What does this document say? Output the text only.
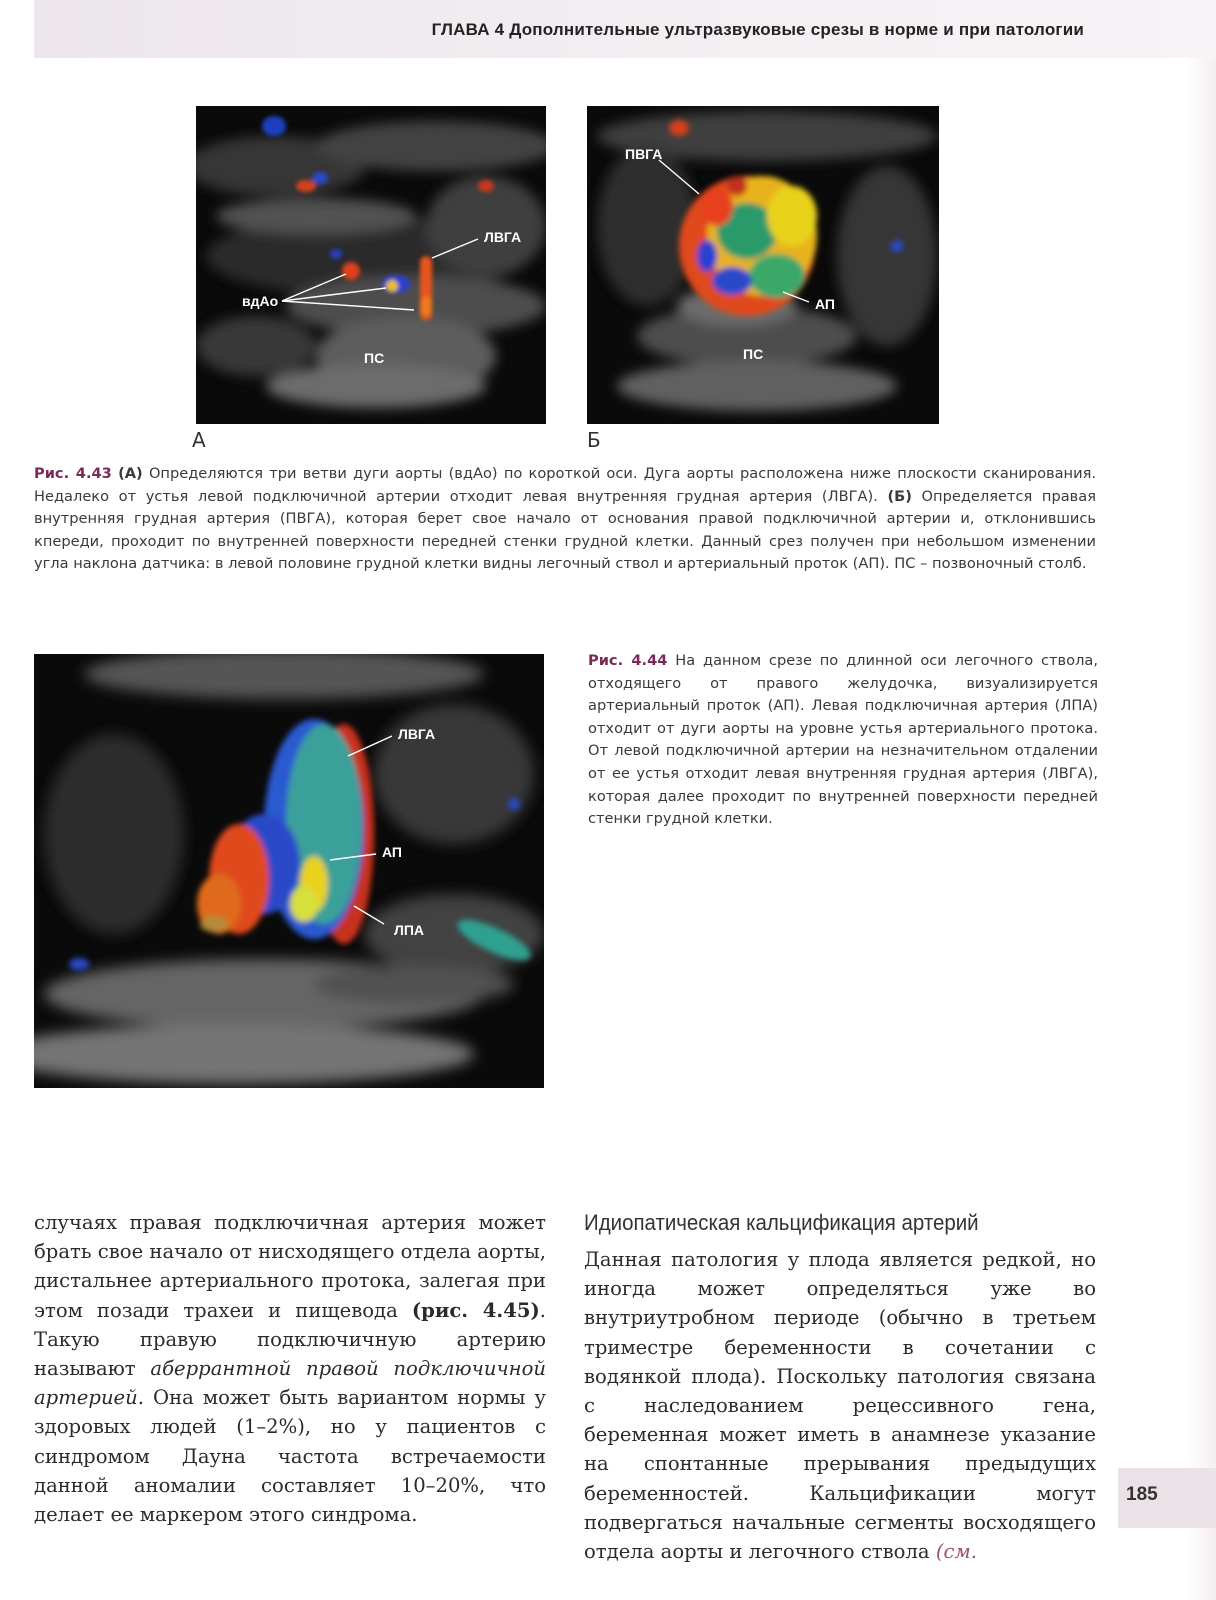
ГЛАВА 4 Дополнительные ультразвуковые срезы в норме и при патологии
ЛВГА
вдАо
ПС
А
ПВГА
АП
ПС
Б
Рис. 4.43 (А) Определяются три ветви дуги аорты (вдАо) по короткой оси. Дуга аорты расположена ниже плоскости сканирования. Недалеко от устья левой подключичной артерии отходит левая внутренняя грудная артерия (ЛВГА). (Б) Определяется правая внутренняя грудная артерия (ПВГА), которая берет свое начало от основания правой подключичной артерии и, отклонившись кпереди, проходит по внутренней поверхности передней стенки грудной клетки. Данный срез получен при небольшом изменении угла наклона датчика: в левой половине грудной клетки видны легочный ствол и артериальный проток (АП). ПС – позвоночный столб.
ЛВГА
АП
ЛПА
Рис. 4.44 На данном срезе по длинной оси легочного ствола, отходящего от правого желудочка, визуализируется артериальный проток (АП). Левая подключичная артерия (ЛПА) отходит от дуги аорты на уровне устья артериального протока. От левой подключичной артерии на незначительном отдалении от ее устья отходит левая внутренняя грудная артерия (ЛВГА), которая далее проходит по внутренней поверхности передней стенки грудной клетки.
случаях правая подключичная артерия может брать свое начало от нисходящего отдела аорты, дистальнее артериального протока, залегая при этом позади трахеи и пищевода (рис. 4.45). Такую правую подключичную артерию называют аберрантной правой подключичной артерией. Она может быть вариантом нормы у здоровых людей (1–2%), но у пациентов с синдромом Дауна частота встречаемости данной аномалии составляет 10–20%, что делает ее маркером этого синдрома.
Идиопатическая кальцификация артерий
Данная патология у плода является редкой, но иногда может определяться уже во внутриутробном периоде (обычно в третьем триместре беременности в сочетании с водянкой плода). Поскольку патология связана с наследованием рецессивного гена, беременная может иметь в анамнезе указание на спонтанные прерывания предыдущих беременностей. Кальцификации могут подвергаться начальные сегменты восходящего отдела аорты и легочного ствола (см.
185
